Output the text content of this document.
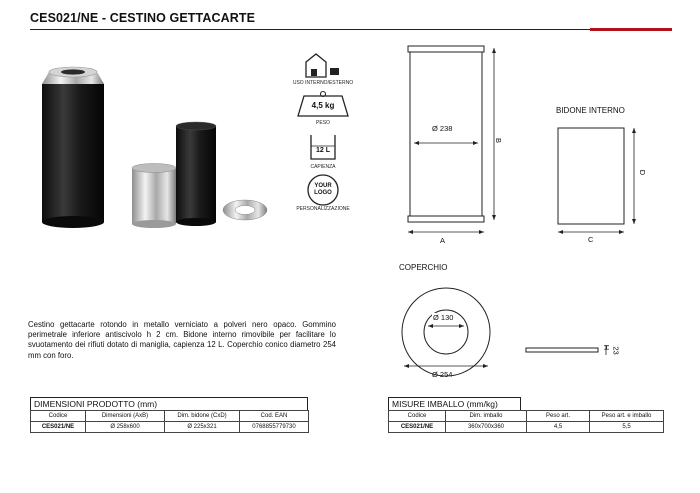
CES021/NE - CESTINO GETTACARTE
USO INTERNO/ESTERNO
4,5 kg
PESO
12 L
CAPIENZA
YOUR LOGO
PERSONALIZZAZIONE
Ø 238
B
A
BIDONE INTERNO
D
C
COPERCHIO
Ø 130
Ø 254
H 23
Cestino gettacarte rotondo in metallo verniciato a polveri nero opaco. Gommino perimetrale inferiore antiscivolo h 2 cm. Bidone interno rimovibile per facilitare lo svuotamento dei rifiuti dotato di maniglia, capienza 12 L. Coperchio conico diametro 254 mm con foro.
DIMENSIONI PRODOTTO (mm)
Codice	Dimensioni (AxB)	Dim. bidone (CxD)	Cod. EAN
CES021/NE	Ø 258x600	Ø 225x321	0768855779730
MISURE IMBALLO (mm/kg)
Codice	Dim. imballo	Peso art.	Peso art. e imballo
CES021/NE	360x700x360	4,5	5,5
